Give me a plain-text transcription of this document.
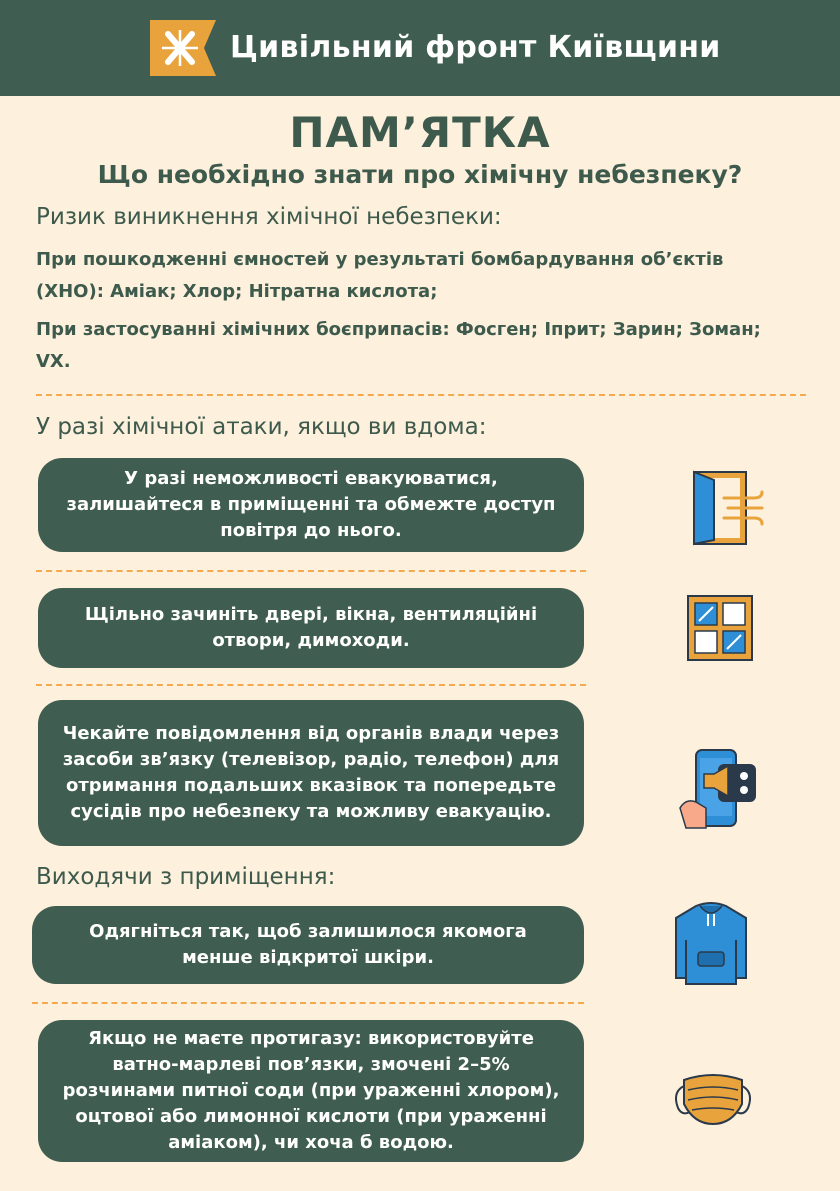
Цивільний фронт Київщини
ПАМ’ЯТКА
Що необхідно знати про хімічну небезпеку?
Ризик виникнення хімічної небезпеки:
При пошкодженні ємностей у результаті бомбардування об’єктів (ХНО): Аміак; Хлор; Нітратна кислота;
При застосуванні хімічних боєприпасів: Фосген; Іприт; Зарин; Зоман; VX.
У разі хімічної атаки, якщо ви вдома:
У разі неможливості евакуюватися, залишайтеся в приміщенні та обмежте доступ повітря до нього.
Щільно зачиніть двері, вікна, вентиляційні отвори, димоходи.
Чекайте повідомлення від органів влади через засоби зв’язку (телевізор, радіо, телефон) для отримання подальших вказівок та попередьте сусідів про небезпеку та можливу евакуацію.
Виходячи з приміщення:
Одягніться так, щоб залишилося якомога менше відкритої шкіри.
Якщо не маєте протигазу: використовуйте ватно-марлеві пов’язки, змочені 2–5% розчинами питної соди (при ураженні хлором), оцтової або лимонної кислоти (при ураженні аміаком), чи хоча б водою.
